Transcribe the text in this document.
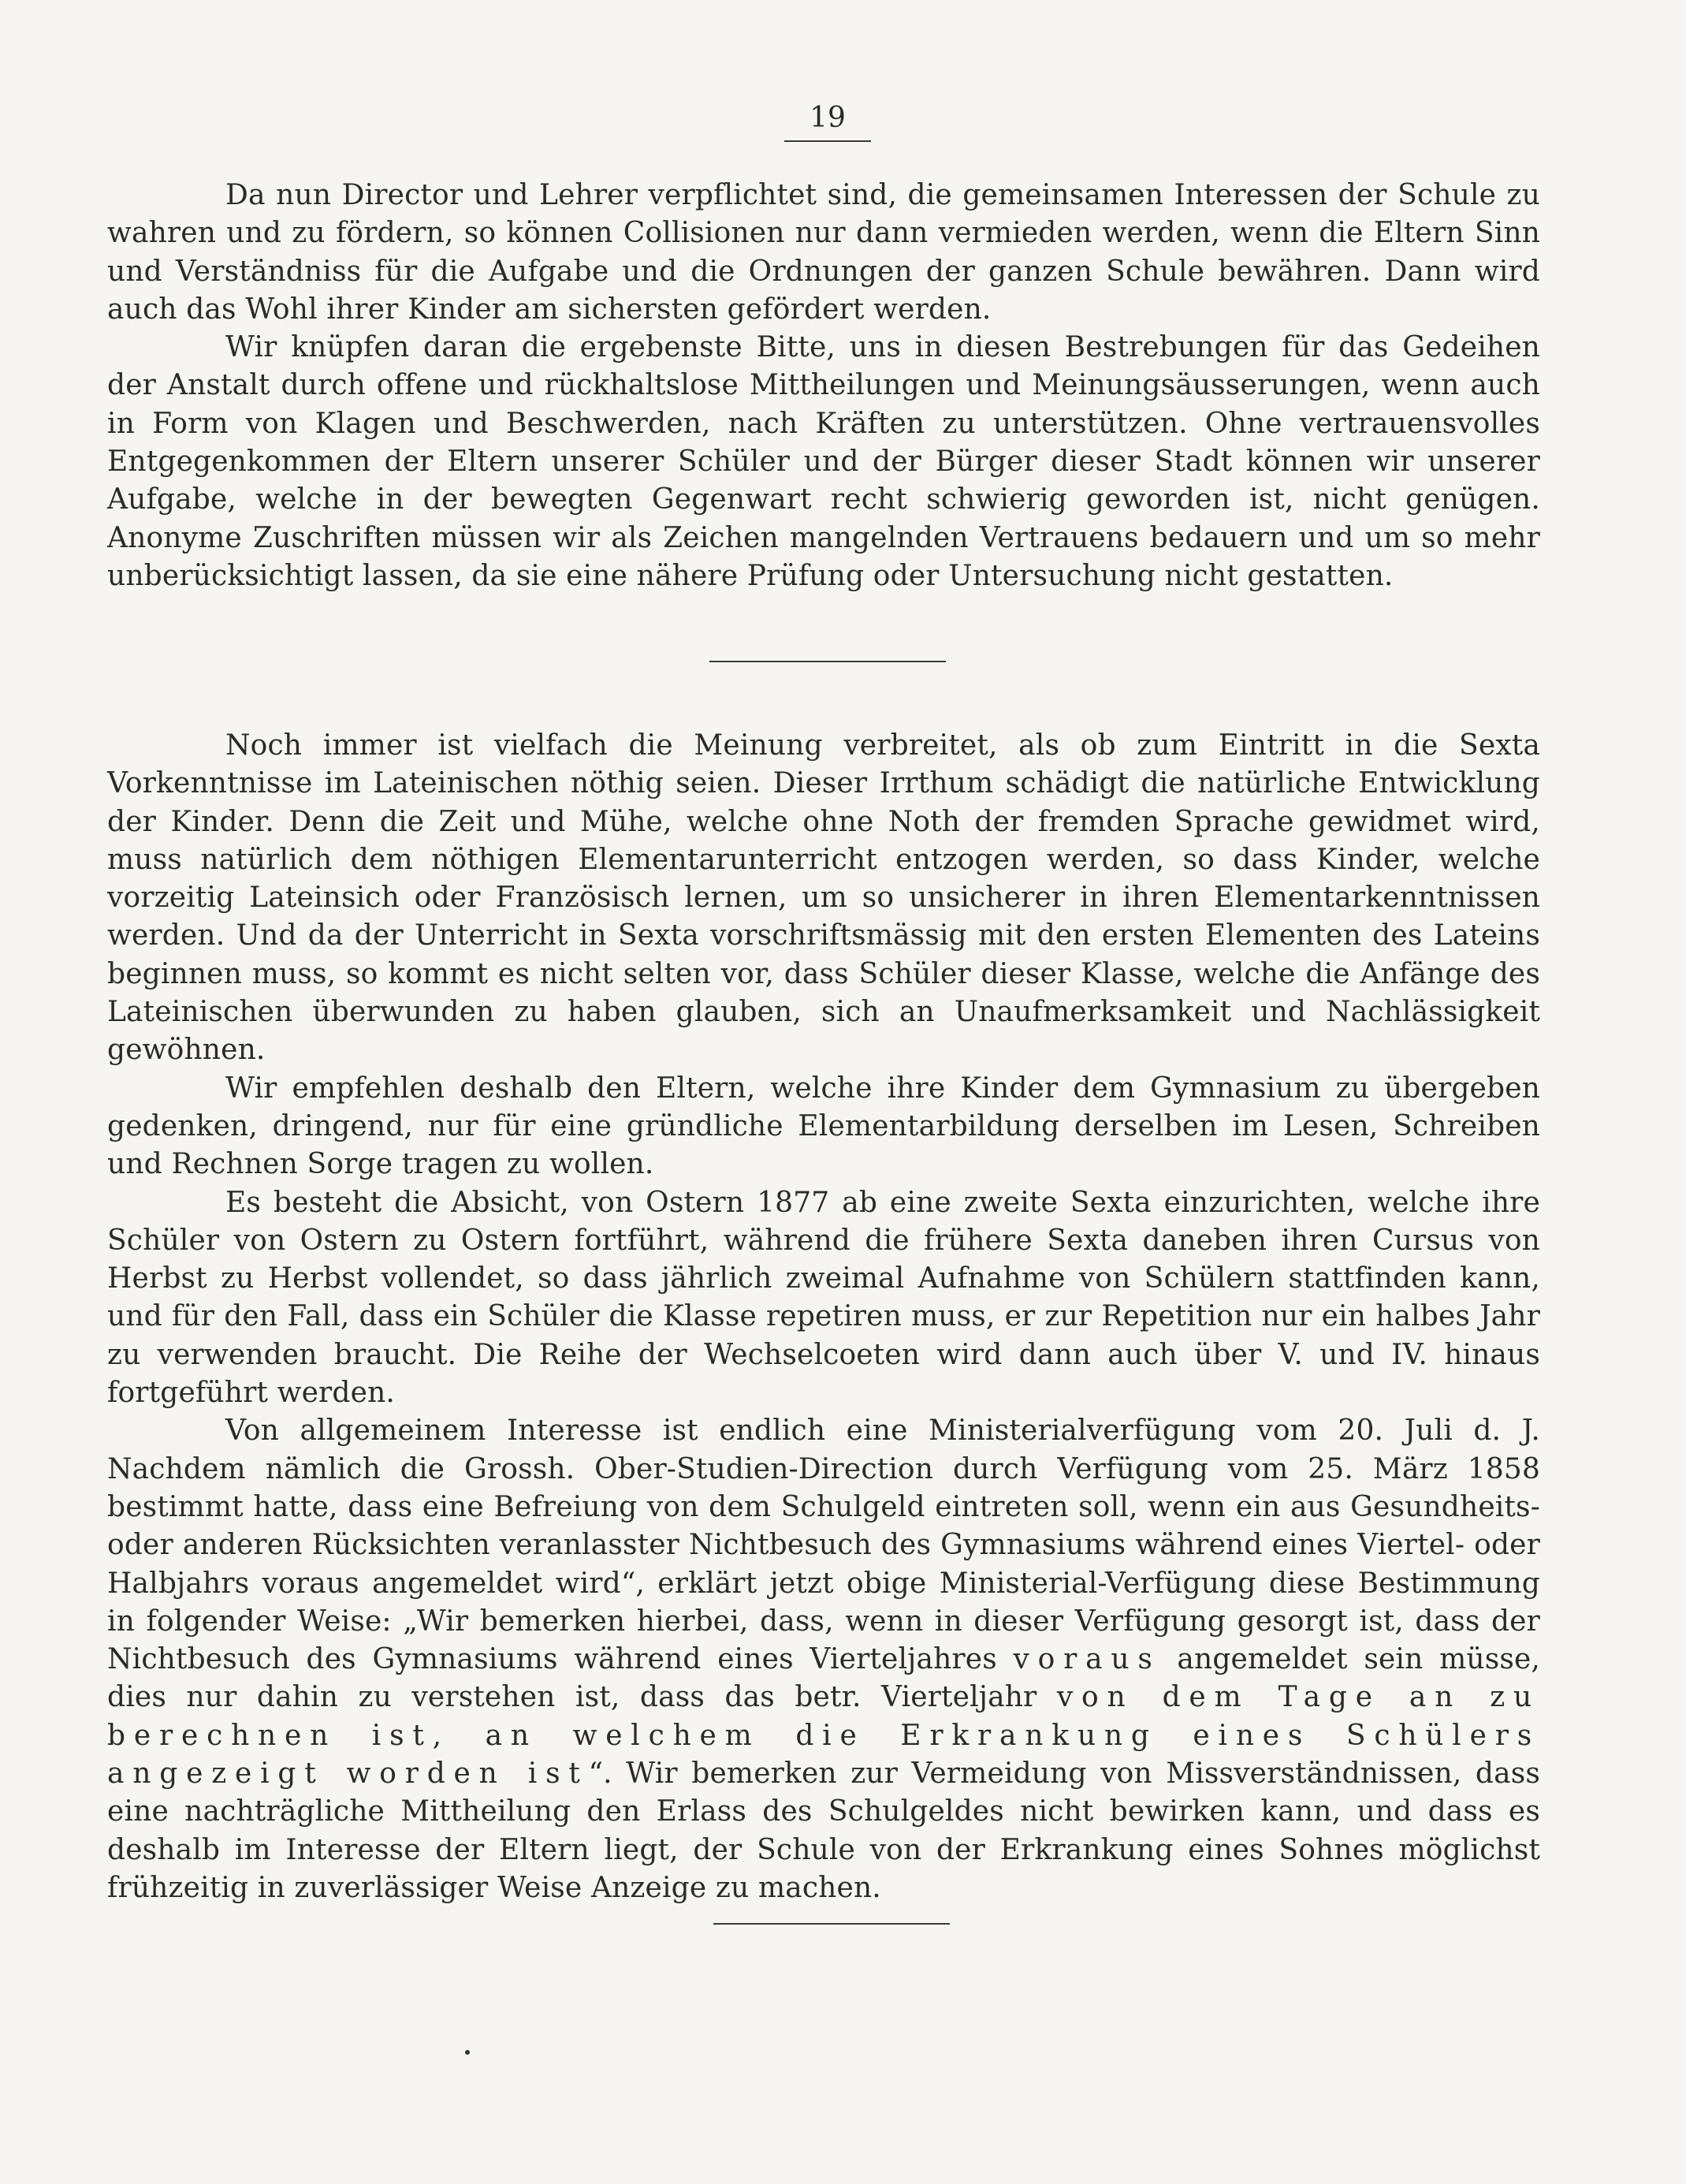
19

Da nun Director und Lehrer verpflichtet sind, die gemeinsamen Interessen der Schule zu wahren und zu fördern, so können Collisionen nur dann vermieden werden, wenn die Eltern Sinn und Verständniss für die Aufgabe und die Ordnungen der ganzen Schule bewähren. Dann wird auch das Wohl ihrer Kinder am sichersten gefördert werden.

Wir knüpfen daran die ergebenste Bitte, uns in diesen Bestrebungen für das Gedeihen der Anstalt durch offene und rückhaltslose Mittheilungen und Meinungsäusserungen, wenn auch in Form von Klagen und Beschwerden, nach Kräften zu unterstützen. Ohne vertrauensvolles Entgegenkommen der Eltern unserer Schüler und der Bürger dieser Stadt können wir unserer Aufgabe, welche in der bewegten Gegenwart recht schwierig geworden ist, nicht genügen. Anonyme Zuschriften müssen wir als Zeichen mangelnden Vertrauens bedauern und um so mehr unberücksichtigt lassen, da sie eine nähere Prüfung oder Untersuchung nicht gestatten.

Noch immer ist vielfach die Meinung verbreitet, als ob zum Eintritt in die Sexta Vorkenntnisse im Lateinischen nöthig seien. Dieser Irrthum schädigt die natürliche Entwicklung der Kinder. Denn die Zeit und Mühe, welche ohne Noth der fremden Sprache gewidmet wird, muss natürlich dem nöthigen Elementarunterricht entzogen werden, so dass Kinder, welche vorzeitig Lateinsich oder Französisch lernen, um so unsicherer in ihren Elementarkenntnissen werden. Und da der Unterricht in Sexta vorschriftsmässig mit den ersten Elementen des Lateins beginnen muss, so kommt es nicht selten vor, dass Schüler dieser Klasse, welche die Anfänge des Lateinischen überwunden zu haben glauben, sich an Unaufmerksamkeit und Nachlässigkeit gewöhnen.

Wir empfehlen deshalb den Eltern, welche ihre Kinder dem Gymnasium zu übergeben gedenken, dringend, nur für eine gründliche Elementarbildung derselben im Lesen, Schreiben und Rechnen Sorge tragen zu wollen.

Es besteht die Absicht, von Ostern 1877 ab eine zweite Sexta einzurichten, welche ihre Schüler von Ostern zu Ostern fortführt, während die frühere Sexta daneben ihren Cursus von Herbst zu Herbst vollendet, so dass jährlich zweimal Aufnahme von Schülern stattfinden kann, und für den Fall, dass ein Schüler die Klasse repetiren muss, er zur Repetition nur ein halbes Jahr zu verwenden braucht. Die Reihe der Wechselcoeten wird dann auch über V. und IV. hinaus fortgeführt werden.

Von allgemeinem Interesse ist endlich eine Ministerialverfügung vom 20. Juli d. J. Nachdem nämlich die Grossh. Ober-Studien-Direction durch Verfügung vom 25. März 1858 bestimmt hatte, dass eine Befreiung von dem Schulgeld eintreten soll, wenn ein aus Gesundheits- oder anderen Rücksichten veranlasster Nichtbesuch des Gymnasiums während eines Viertel- oder Halbjahrs voraus angemeldet wird“, erklärt jetzt obige Ministerial-Verfügung diese Bestimmung in folgender Weise: „Wir bemerken hierbei, dass, wenn in dieser Verfügung gesorgt ist, dass der Nichtbesuch des Gymnasiums während eines Vierteljahres voraus angemeldet sein müsse, dies nur dahin zu verstehen ist, dass das betr. Vierteljahr von dem Tage an zu berechnen ist, an welchem die Erkrankung eines Schülers angezeigt worden ist“. Wir bemerken zur Vermeidung von Missverständnissen, dass eine nachträgliche Mittheilung den Erlass des Schulgeldes nicht bewirken kann, und dass es deshalb im Interesse der Eltern liegt, der Schule von der Erkrankung eines Sohnes möglichst frühzeitig in zuverlässiger Weise Anzeige zu machen.
